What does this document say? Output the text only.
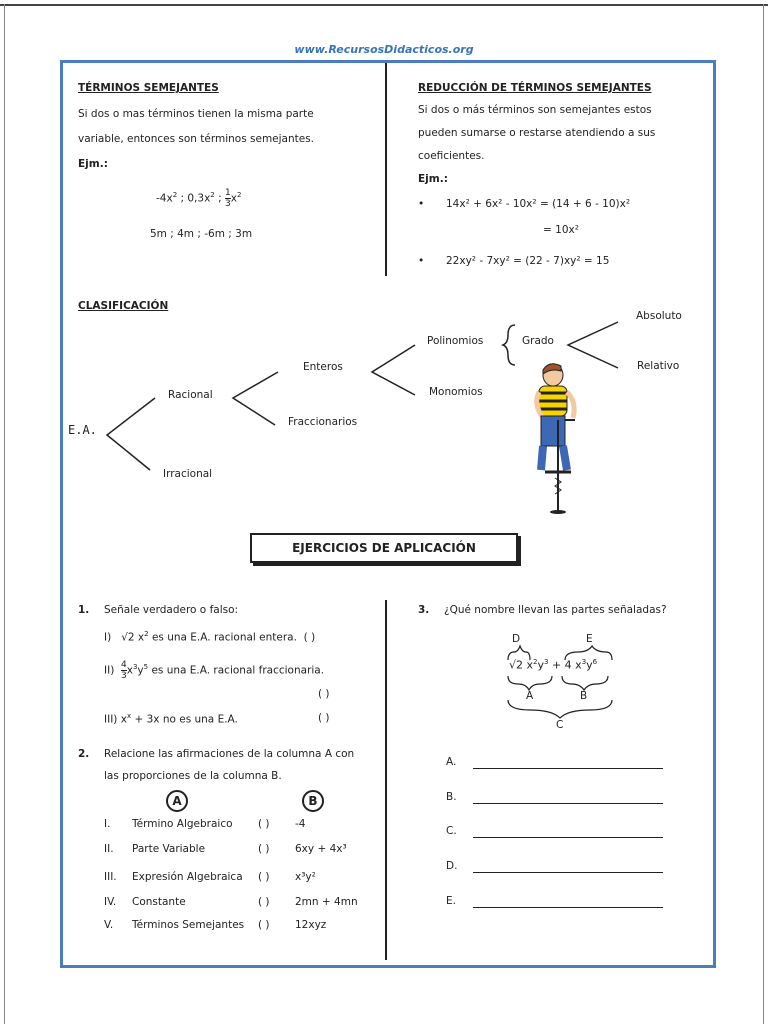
www.RecursosDidacticos.org
TÉRMINOS SEMEJANTES
Si dos o mas términos tienen la misma parte
variable, entonces son términos semejantes.
Ejm.:
$-4x^2$ ; $0,3x^2$ ; $\frac{1}{3}x^2$
5m ; 4m ; -6m ; 3m
REDUCCIÓN DE TÉRMINOS SEMEJANTES
Si dos o más términos son semejantes estos
pueden sumarse o restarse atendiendo a sus
coeficientes.
Ejm.:
• 14x² + 6x² - 10x² = (14 + 6 - 10)x²
= 10x²
• 22xy² - 7xy² = (22 - 7)xy² = 15
CLASIFICACIÓN
E.A.
Racional
Irracional
Enteros
Fraccionarios
Polinomios
Monomios
Grado
Absoluto
Relativo
EJERCICIOS DE APLICACIÓN
1. Señale verdadero o falso:
I)   √2 $x^2$ es una E.A. racional entera. ( )
$II) \frac{4}{3}x^3y^5$ es una E.A. racional fraccionaria.
( )
III) $x^x + 3x$ no es una E.A.	( )
2. Relacione las afirmaciones de la columna A con
las proporciones de la columna B.
A	B
I. Término Algebraico ( ) -4
II. Parte Variable	( ) 6xy + 4x³
III. Expresión Algebraica ( ) x³y²
IV. Constante	( ) 2mn + 4mn
V. Términos Semejantes ( ) 12xyz
3. ¿Qué nombre llevan las partes señaladas?
D	E
√2 $x^2y^3 + 4$ $x^3y^6$
A	B
C
A.
B.
C.
D.
E.
